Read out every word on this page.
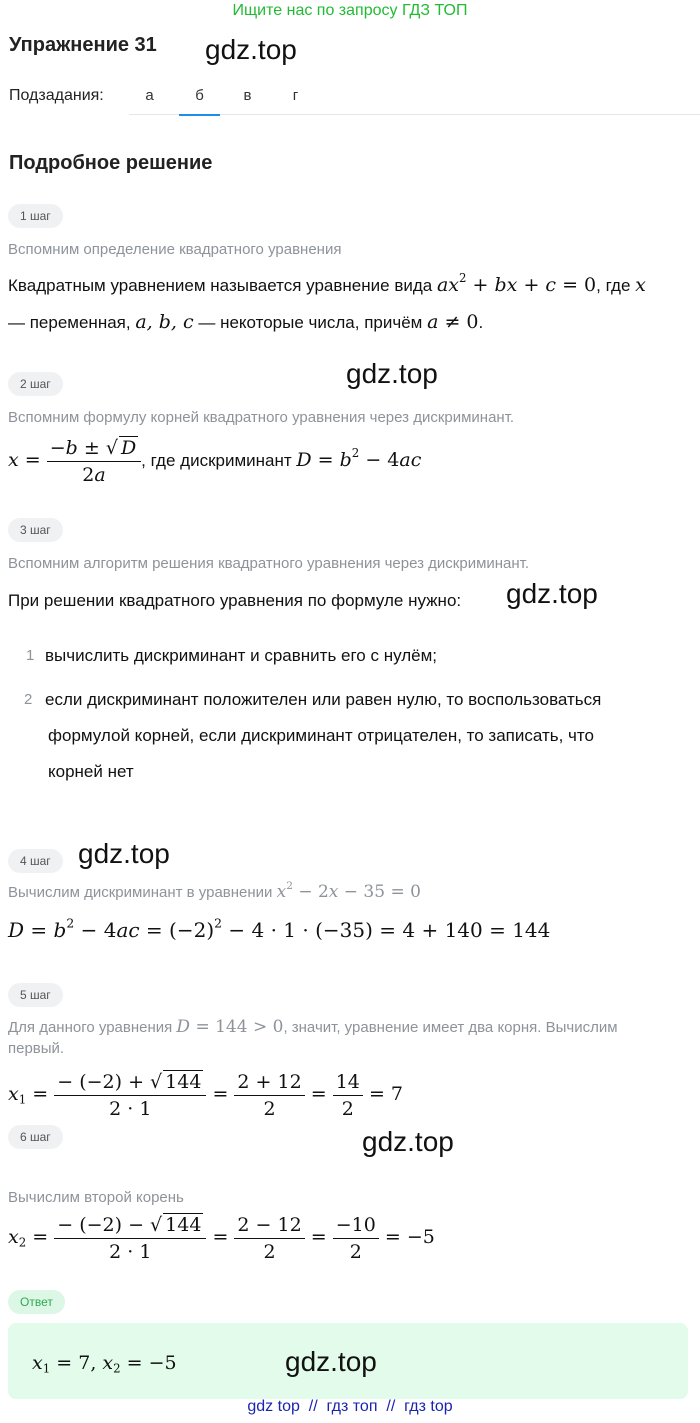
Ищите нас по запросу ГДЗ ТОП
Упражнение 31 gdz.top
Подзадания:	а	б	в	г
Подробное решение
1 шаг
Вспомним определение квадратного уравнения
Квадратным уравнением называется уравнение вида $ax^2$ + bx + c = 0, где x
— переменная, a, b, c — некоторые числа, причём a ≠ 0.
2 шаг	gdz.top
Вспомним формулу корней квадратного уравнения через дискриминант.
$x = \frac{-b \pm √ D}{2a}$ , где дискриминант $D = b^2 - 4ac$
3 шаг
Вспомним алгоритм решения квадратного уравнения через дискриминант.
При решении квадратного уравнения по формуле нужно: gdz.top
1 вычислить дискриминант и сравнить его с нулём;
2 если дискриминант положителен или равен нулю, то воспользоваться
формулой корней, если дискриминант отрицателен, то записать, что
корней нет
4 шаг gdz.top
Вычислим дискриминант в уравнении $x^2 - 2x - 35 = 0$
$D = b^2 - 4ac = (-2)^2 - 4 \cdot 1 \cdot (-35) = 4 + 140 = 144$
5 шаг
Для данного уравнения D = 144 > 0, значит, уравнение имеет два корня. Вычислим
первый.
$x_1 = \frac{- (-2) + √ 144}{2 \cdot 1} = \frac{2 + 12}{2} = \frac{14}{2} = 7$
gdz.top
6 шаг
Вычислим второй корень
$x_2 = \frac{- (-2) - √ 144}{2 \cdot 1} = \frac{2 - 12}{2} = \frac{-10}{2} = -5$
Ответ
$x_1 = 7$, $x_2 = -5$	gdz.top
gdz top  //  гдз топ  //  гдз top
